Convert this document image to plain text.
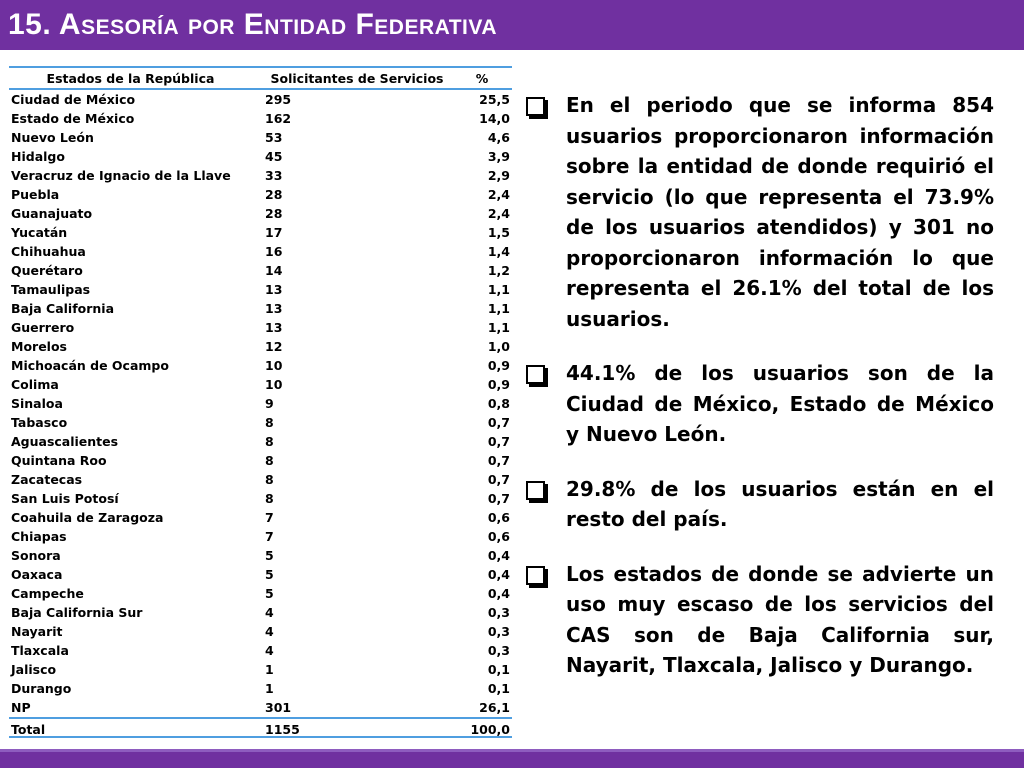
15. Asesoría por Entidad Federativa
Estados de la República	Solicitantes de Servicios	%
Ciudad de México	295	25,5
Estado de México	162	14,0
Nuevo León	53	4,6
Hidalgo	45	3,9
Veracruz de Ignacio de la Llave	33	2,9
Puebla	28	2,4
Guanajuato	28	2,4
Yucatán	17	1,5
Chihuahua	16	1,4
Querétaro	14	1,2
Tamaulipas	13	1,1
Baja California	13	1,1
Guerrero	13	1,1
Morelos	12	1,0
Michoacán de Ocampo	10	0,9
Colima	10	0,9
Sinaloa	9	0,8
Tabasco	8	0,7
Aguascalientes	8	0,7
Quintana Roo	8	0,7
Zacatecas	8	0,7
San Luis Potosí	8	0,7
Coahuila de Zaragoza	7	0,6
Chiapas	7	0,6
Sonora	5	0,4
Oaxaca	5	0,4
Campeche	5	0,4
Baja California Sur	4	0,3
Nayarit	4	0,3
Tlaxcala	4	0,3
Jalisco	1	0,1
Durango	1	0,1
NP	301	26,1
Total	1155	100,0
En el periodo que se informa 854 usuarios proporcionaron información sobre la entidad de donde requirió el servicio (lo que representa el 73.9% de los usuarios atendidos) y 301 no proporcionaron información lo que representa el 26.1% del total de los usuarios.
44.1% de los usuarios son de la Ciudad de México, Estado de México y Nuevo León.
29.8% de los usuarios están en el resto del país.
Los estados de donde se advierte un uso muy escaso de los servicios del CAS son de Baja California sur, Nayarit, Tlaxcala, Jalisco y Durango.
